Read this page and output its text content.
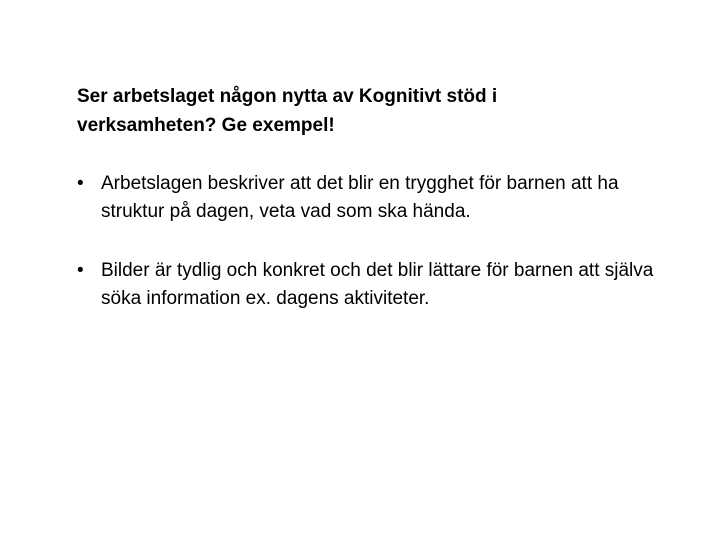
Ser arbetslaget någon nytta av Kognitivt stöd i verksamheten? Ge exempel!
• Arbetslagen beskriver att det blir en trygghet för barnen att ha struktur på dagen, veta vad som ska hända.
• Bilder är tydlig och konkret och det blir lättare för barnen att själva söka information ex. dagens aktiviteter.
